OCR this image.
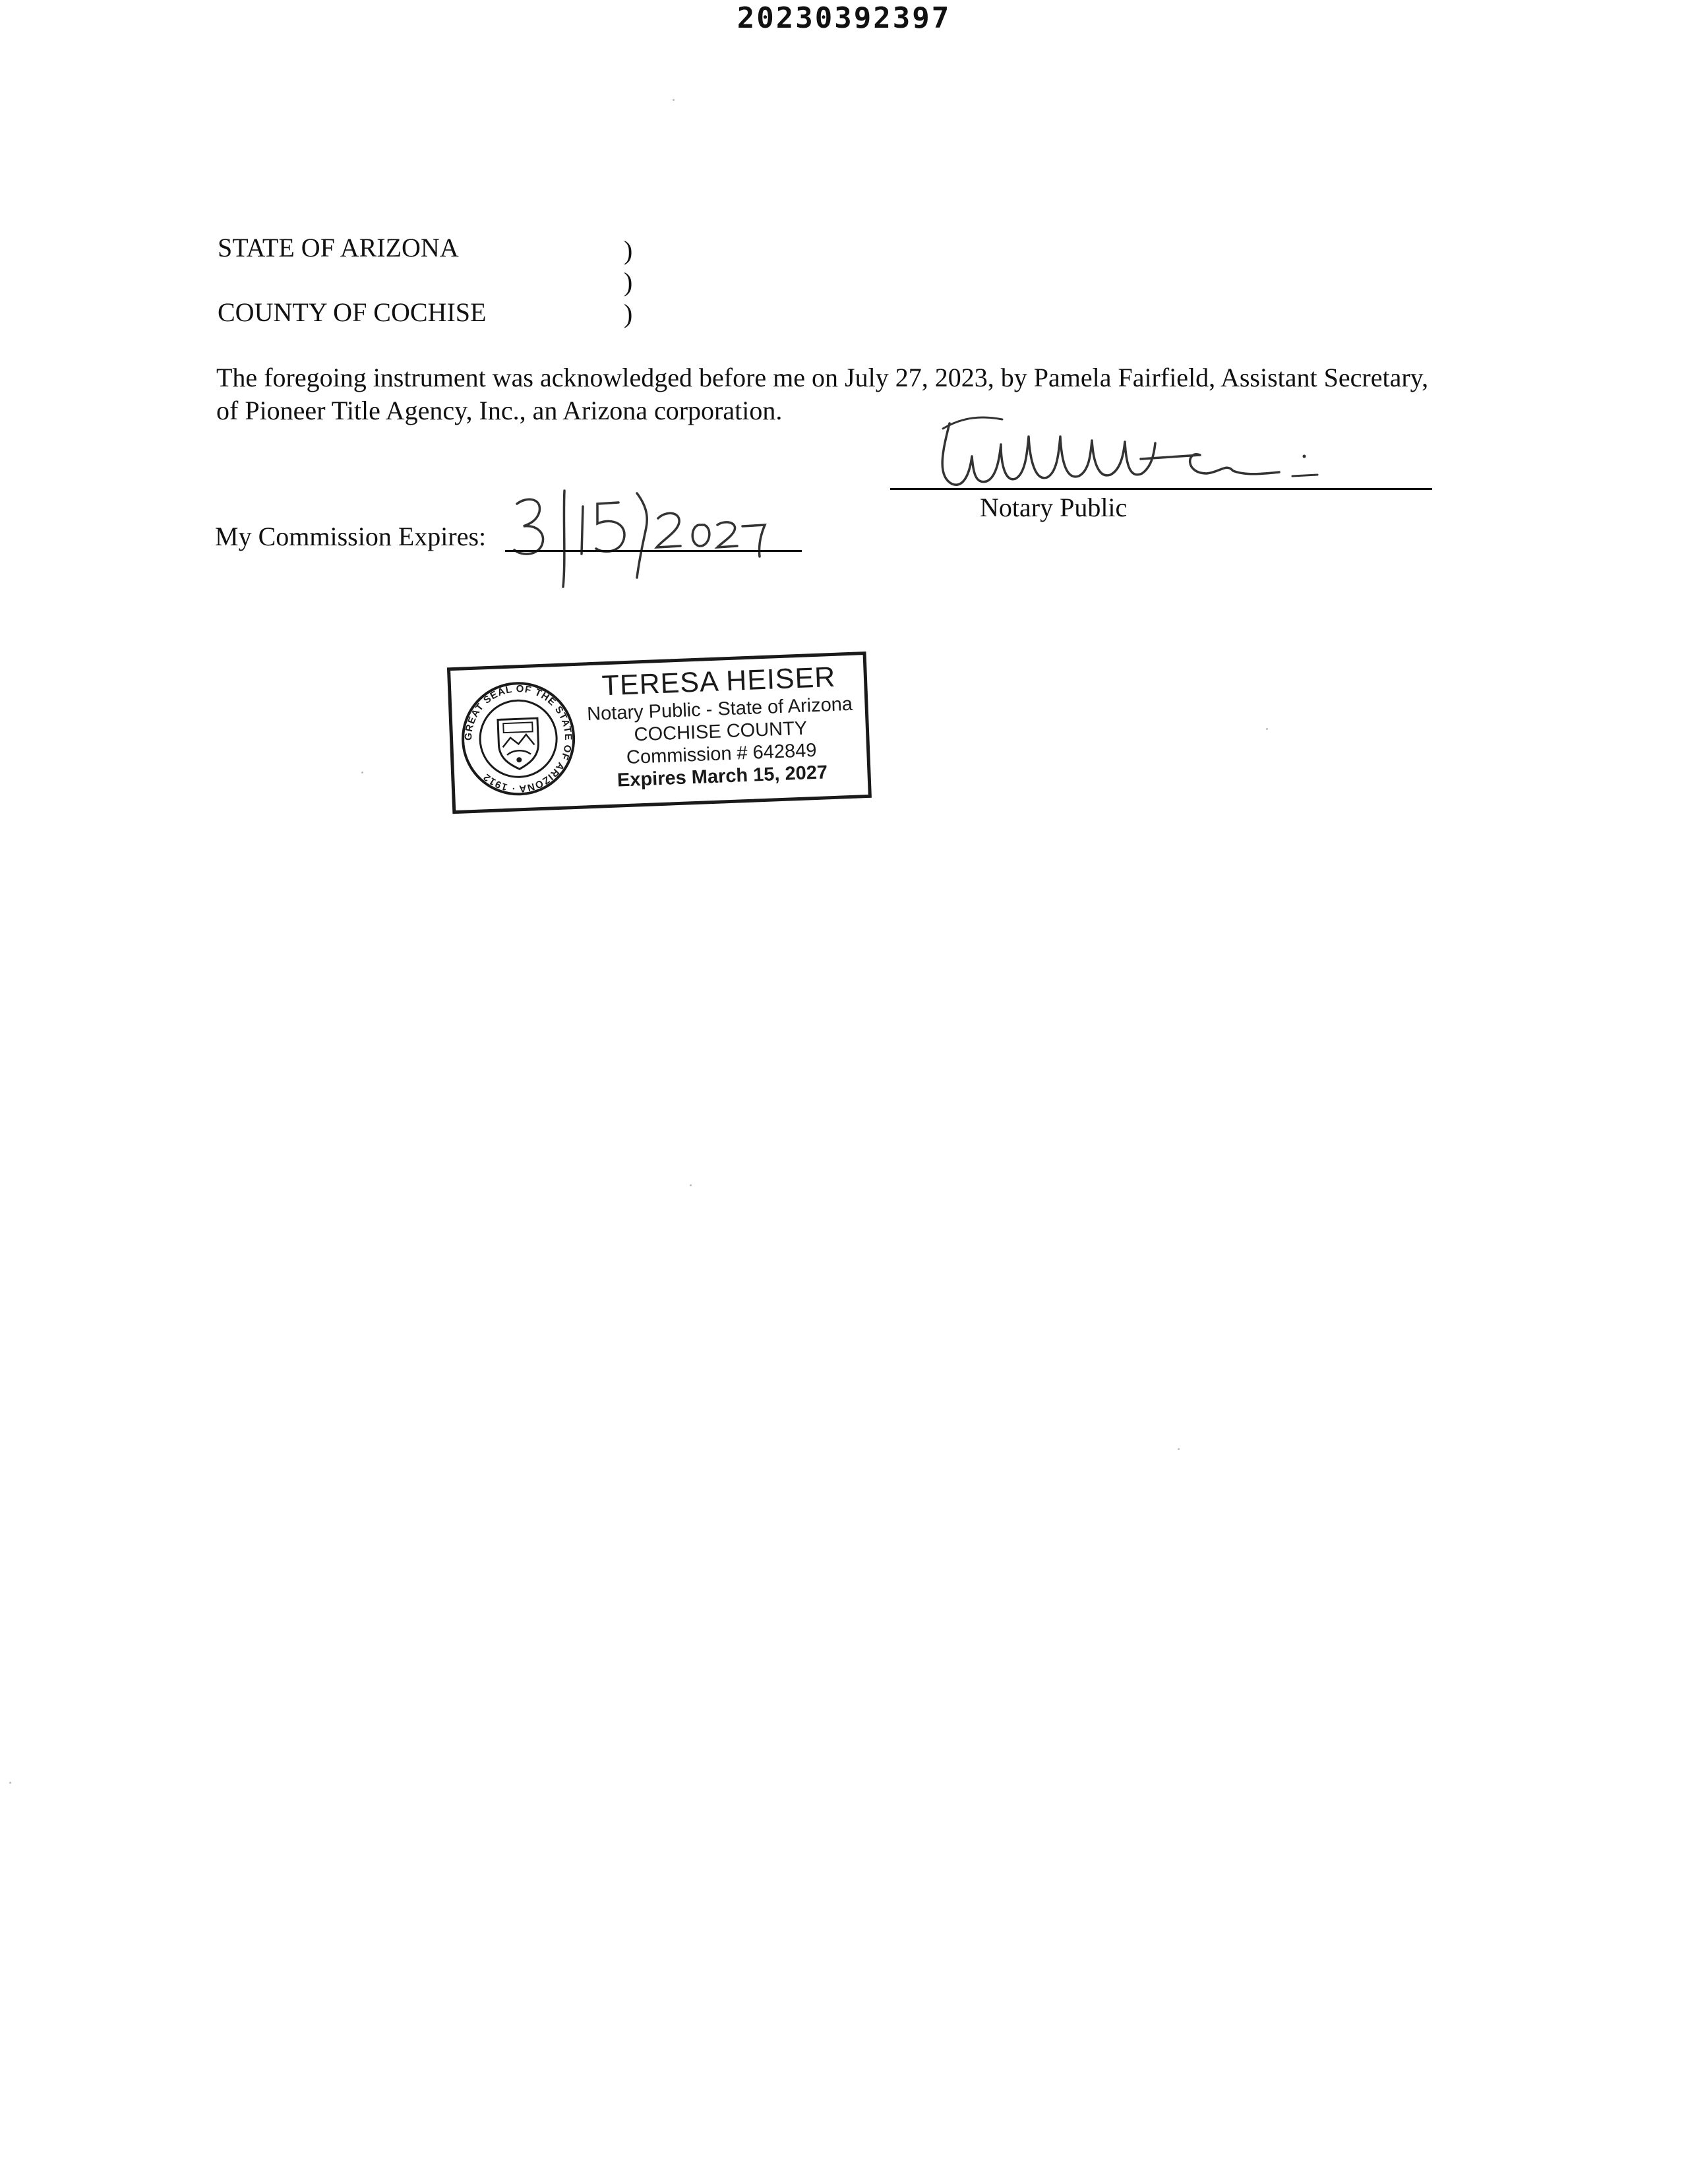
20230392397
STATE OF ARIZONA
COUNTY OF COCHISE
)
)
)
The foregoing instrument was acknowledged before me on July 27, 2023, by Pamela Fairfield, Assistant Secretary,
of Pioneer Title Agency, Inc., an Arizona corporation.
Notary Public
My Commission Expires:
GREAT SEAL OF THE STATE OF ARIZONA · 1912
TERESA HEISER
Notary Public - State of Arizona
COCHISE COUNTY
Commission # 642849
Expires March 15, 2027
